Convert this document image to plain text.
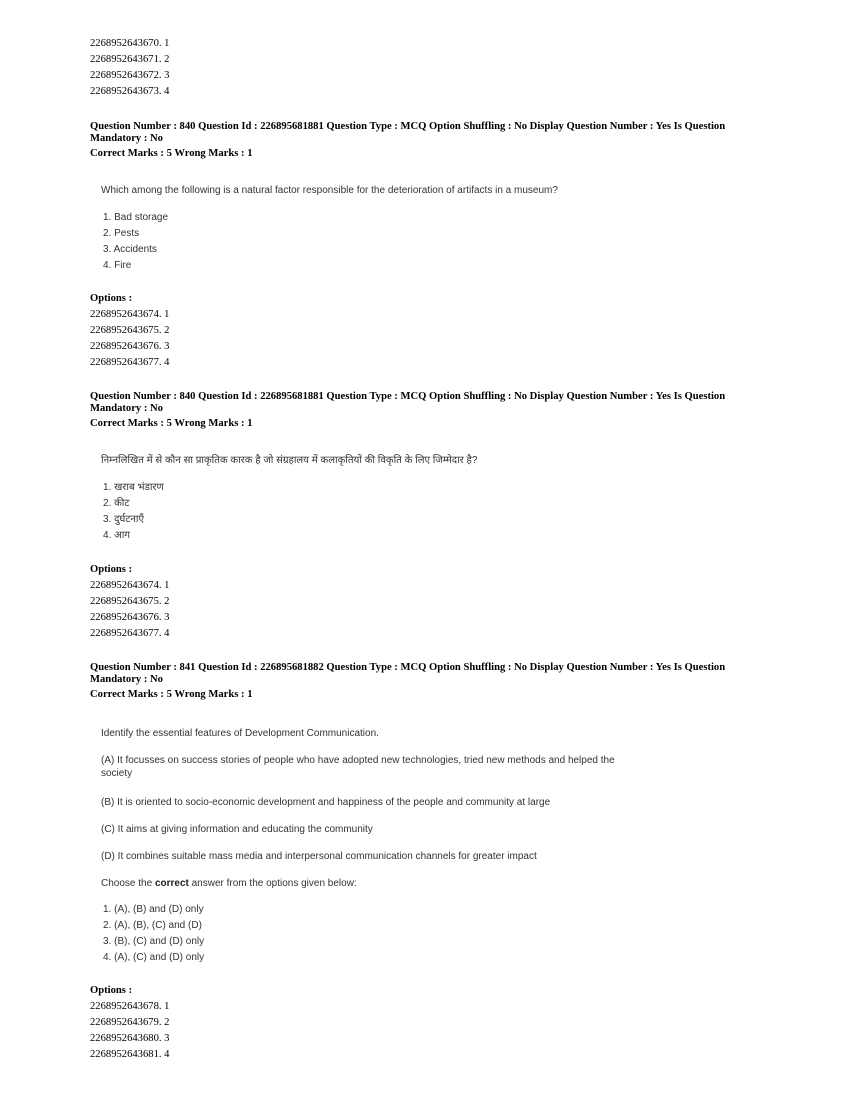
2268952643670. 1
2268952643671. 2
2268952643672. 3
2268952643673. 4
Question Number : 840 Question Id : 226895681881 Question Type : MCQ Option Shuffling : No Display Question Number : Yes Is Question
Mandatory : No
Correct Marks : 5 Wrong Marks : 1
Which among the following is a natural factor responsible for the deterioration of artifacts in a museum?
1. Bad storage
2. Pests
3. Accidents
4. Fire
Options :
2268952643674. 1
2268952643675. 2
2268952643676. 3
2268952643677. 4
Question Number : 840 Question Id : 226895681881 Question Type : MCQ Option Shuffling : No Display Question Number : Yes Is Question
Mandatory : No
Correct Marks : 5 Wrong Marks : 1
निम्नलिखित में से कौन सा प्राकृतिक कारक है जो संग्रहालय में कलाकृतियों की विकृति के लिए जिम्मेदार है?
1. खराब भंडारण
2. कीट
3. दुर्घटनाएँ
4. आग
Options :
2268952643674. 1
2268952643675. 2
2268952643676. 3
2268952643677. 4
Question Number : 841 Question Id : 226895681882 Question Type : MCQ Option Shuffling : No Display Question Number : Yes Is Question
Mandatory : No
Correct Marks : 5 Wrong Marks : 1
Identify the essential features of Development Communication.
(A) It focusses on success stories of people who have adopted new technologies, tried new methods and helped the
society
(B) It is oriented to socio-economic development and happiness of the people and community at large
(C) It aims at giving information and educating the community
(D) It combines suitable mass media and interpersonal communication channels for greater impact
Choose the correct answer from the options given below:
1. (A), (B) and (D) only
2. (A), (B), (C) and (D)
3. (B), (C) and (D) only
4. (A), (C) and (D) only
Options :
2268952643678. 1
2268952643679. 2
2268952643680. 3
2268952643681. 4
